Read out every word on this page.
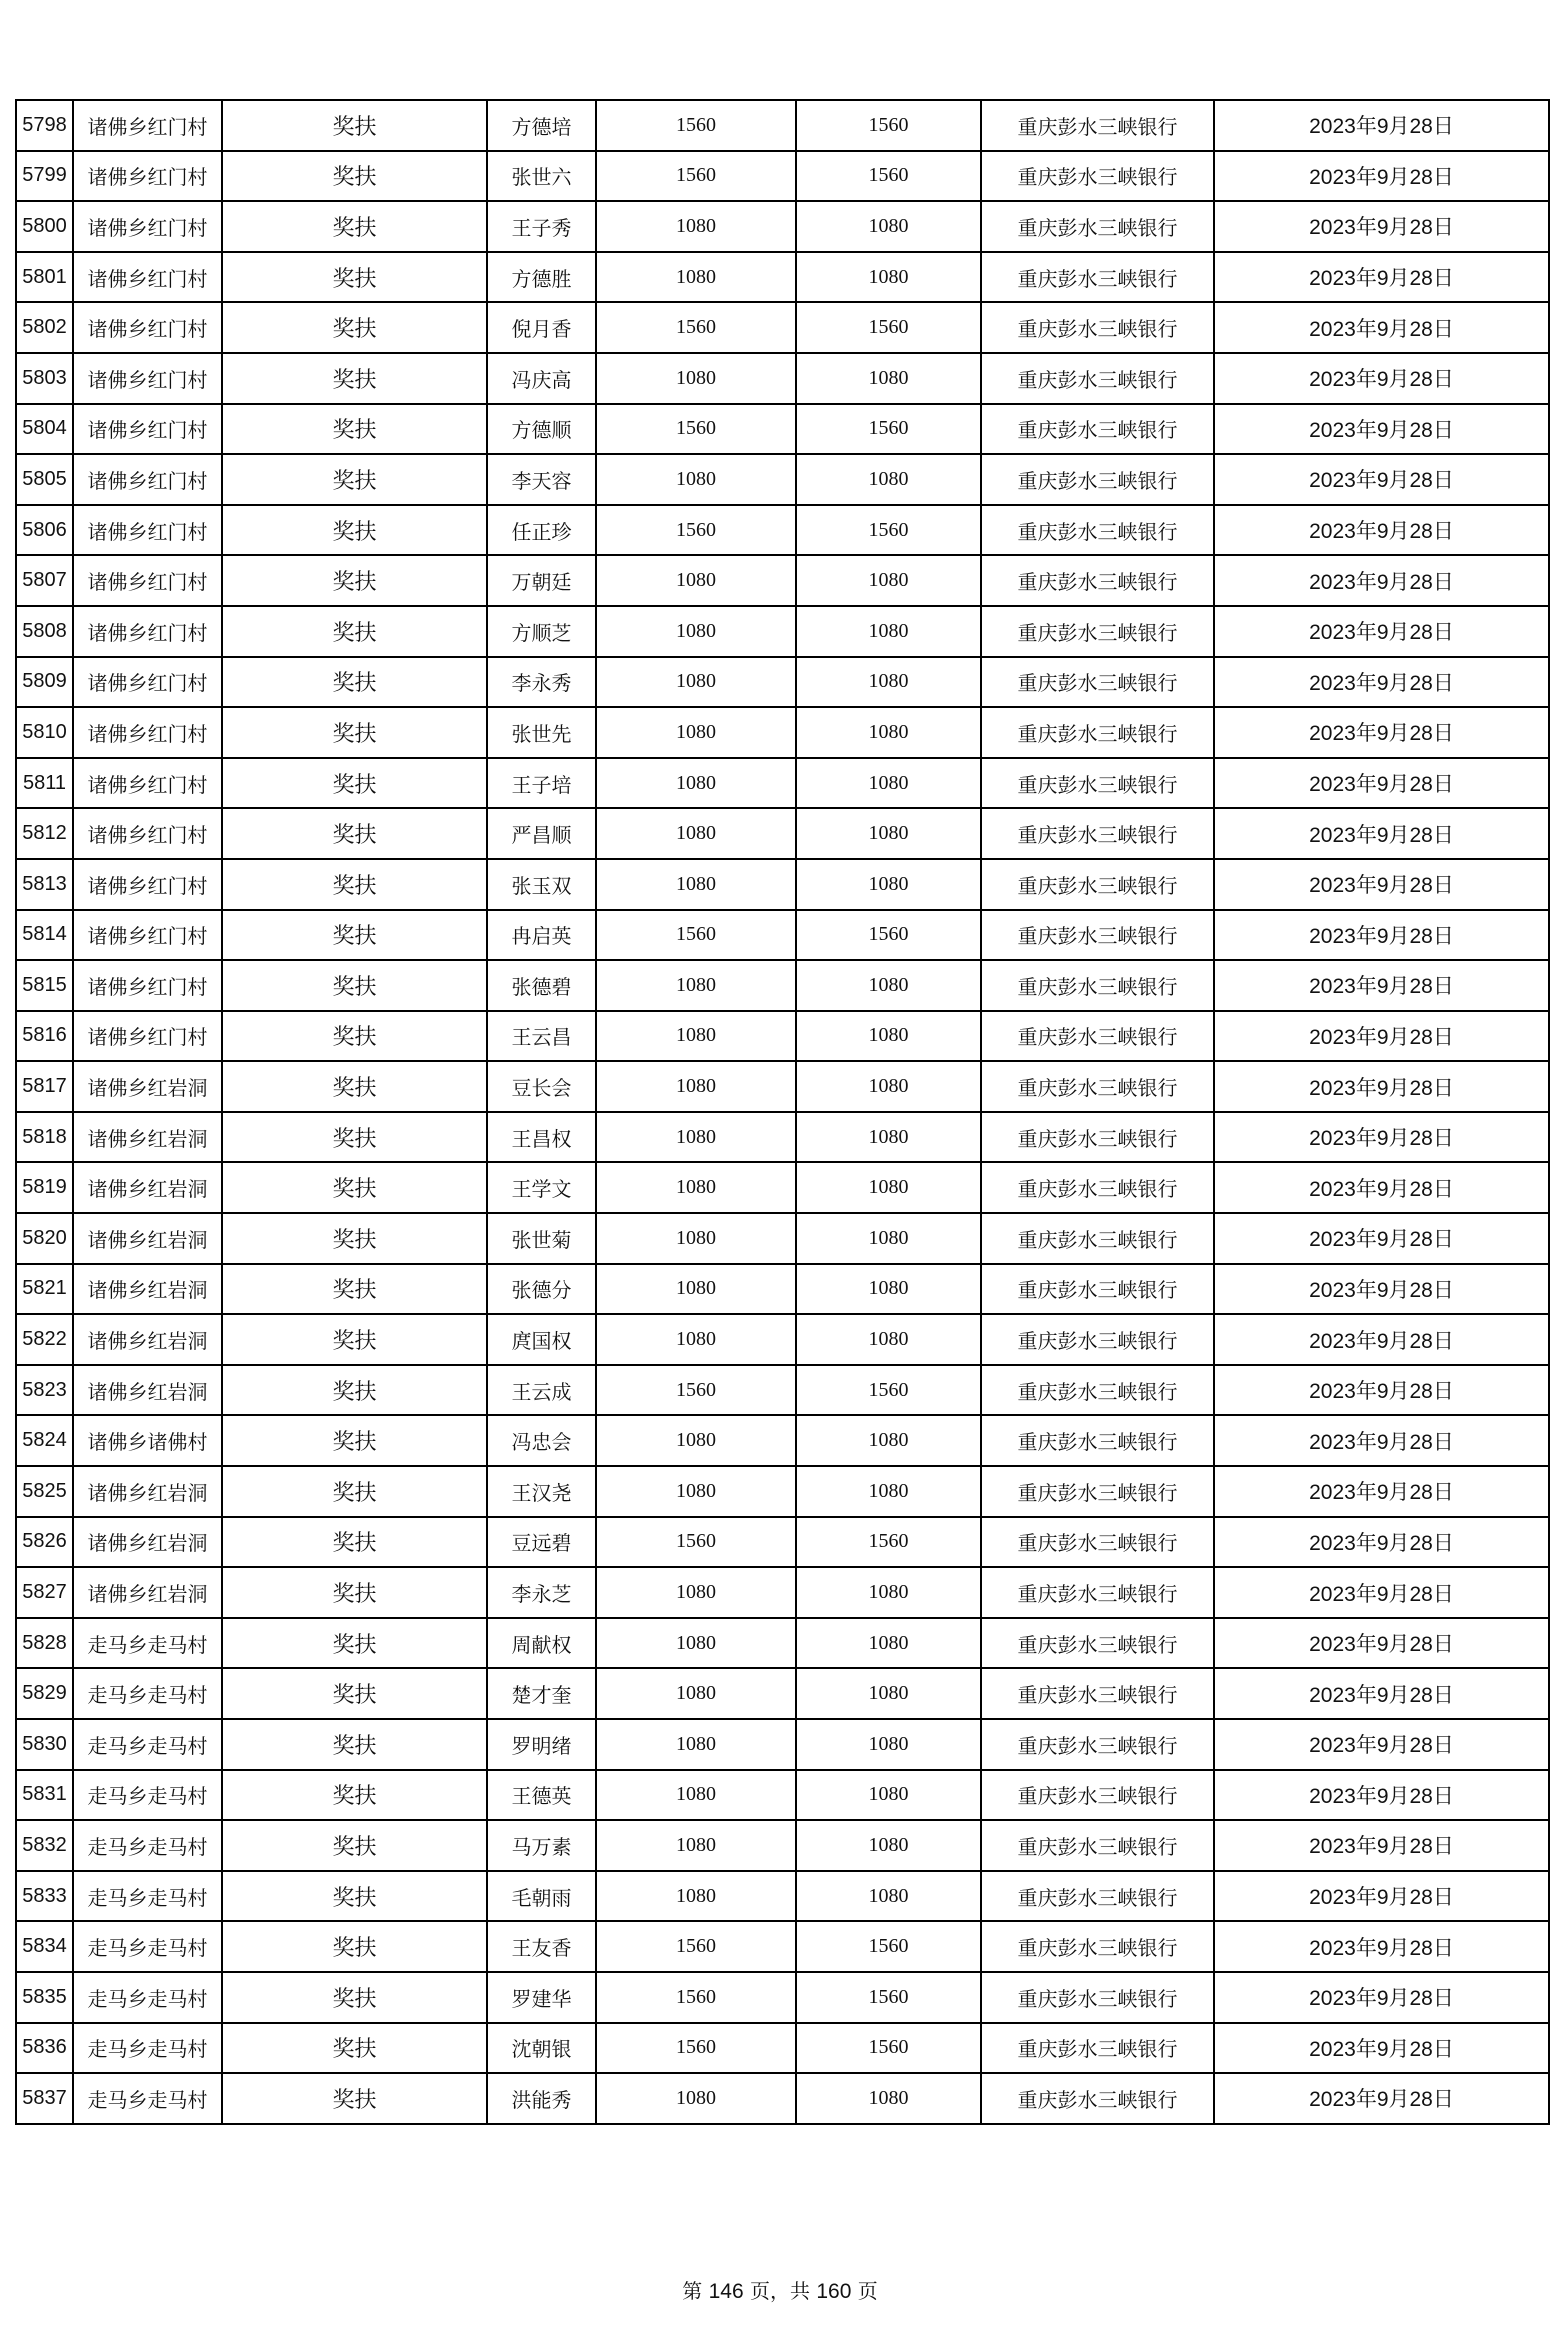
5798	诸佛乡红门村	奖扶	方德培	1560	1560	重庆彭水三峡银行	2023年9月28日
5799	诸佛乡红门村	奖扶	张世六	1560	1560	重庆彭水三峡银行	2023年9月28日
5800	诸佛乡红门村	奖扶	王子秀	1080	1080	重庆彭水三峡银行	2023年9月28日
5801	诸佛乡红门村	奖扶	方德胜	1080	1080	重庆彭水三峡银行	2023年9月28日
5802	诸佛乡红门村	奖扶	倪月香	1560	1560	重庆彭水三峡银行	2023年9月28日
5803	诸佛乡红门村	奖扶	冯庆高	1080	1080	重庆彭水三峡银行	2023年9月28日
5804	诸佛乡红门村	奖扶	方德顺	1560	1560	重庆彭水三峡银行	2023年9月28日
5805	诸佛乡红门村	奖扶	李天容	1080	1080	重庆彭水三峡银行	2023年9月28日
5806	诸佛乡红门村	奖扶	任正珍	1560	1560	重庆彭水三峡银行	2023年9月28日
5807	诸佛乡红门村	奖扶	万朝廷	1080	1080	重庆彭水三峡银行	2023年9月28日
5808	诸佛乡红门村	奖扶	方顺芝	1080	1080	重庆彭水三峡银行	2023年9月28日
5809	诸佛乡红门村	奖扶	李永秀	1080	1080	重庆彭水三峡银行	2023年9月28日
5810	诸佛乡红门村	奖扶	张世先	1080	1080	重庆彭水三峡银行	2023年9月28日
5811	诸佛乡红门村	奖扶	王子培	1080	1080	重庆彭水三峡银行	2023年9月28日
5812	诸佛乡红门村	奖扶	严昌顺	1080	1080	重庆彭水三峡银行	2023年9月28日
5813	诸佛乡红门村	奖扶	张玉双	1080	1080	重庆彭水三峡银行	2023年9月28日
5814	诸佛乡红门村	奖扶	冉启英	1560	1560	重庆彭水三峡银行	2023年9月28日
5815	诸佛乡红门村	奖扶	张德碧	1080	1080	重庆彭水三峡银行	2023年9月28日
5816	诸佛乡红门村	奖扶	王云昌	1080	1080	重庆彭水三峡银行	2023年9月28日
5817	诸佛乡红岩洞	奖扶	豆长会	1080	1080	重庆彭水三峡银行	2023年9月28日
5818	诸佛乡红岩洞	奖扶	王昌权	1080	1080	重庆彭水三峡银行	2023年9月28日
5819	诸佛乡红岩洞	奖扶	王学文	1080	1080	重庆彭水三峡银行	2023年9月28日
5820	诸佛乡红岩洞	奖扶	张世菊	1080	1080	重庆彭水三峡银行	2023年9月28日
5821	诸佛乡红岩洞	奖扶	张德分	1080	1080	重庆彭水三峡银行	2023年9月28日
5822	诸佛乡红岩洞	奖扶	庹国权	1080	1080	重庆彭水三峡银行	2023年9月28日
5823	诸佛乡红岩洞	奖扶	王云成	1560	1560	重庆彭水三峡银行	2023年9月28日
5824	诸佛乡诸佛村	奖扶	冯忠会	1080	1080	重庆彭水三峡银行	2023年9月28日
5825	诸佛乡红岩洞	奖扶	王汉尧	1080	1080	重庆彭水三峡银行	2023年9月28日
5826	诸佛乡红岩洞	奖扶	豆远碧	1560	1560	重庆彭水三峡银行	2023年9月28日
5827	诸佛乡红岩洞	奖扶	李永芝	1080	1080	重庆彭水三峡银行	2023年9月28日
5828	走马乡走马村	奖扶	周献权	1080	1080	重庆彭水三峡银行	2023年9月28日
5829	走马乡走马村	奖扶	楚才奎	1080	1080	重庆彭水三峡银行	2023年9月28日
5830	走马乡走马村	奖扶	罗明绪	1080	1080	重庆彭水三峡银行	2023年9月28日
5831	走马乡走马村	奖扶	王德英	1080	1080	重庆彭水三峡银行	2023年9月28日
5832	走马乡走马村	奖扶	马万素	1080	1080	重庆彭水三峡银行	2023年9月28日
5833	走马乡走马村	奖扶	毛朝雨	1080	1080	重庆彭水三峡银行	2023年9月28日
5834	走马乡走马村	奖扶	王友香	1560	1560	重庆彭水三峡银行	2023年9月28日
5835	走马乡走马村	奖扶	罗建华	1560	1560	重庆彭水三峡银行	2023年9月28日
5836	走马乡走马村	奖扶	沈朝银	1560	1560	重庆彭水三峡银行	2023年9月28日
5837	走马乡走马村	奖扶	洪能秀	1080	1080	重庆彭水三峡银行	2023年9月28日
第 146 页，共 160 页
